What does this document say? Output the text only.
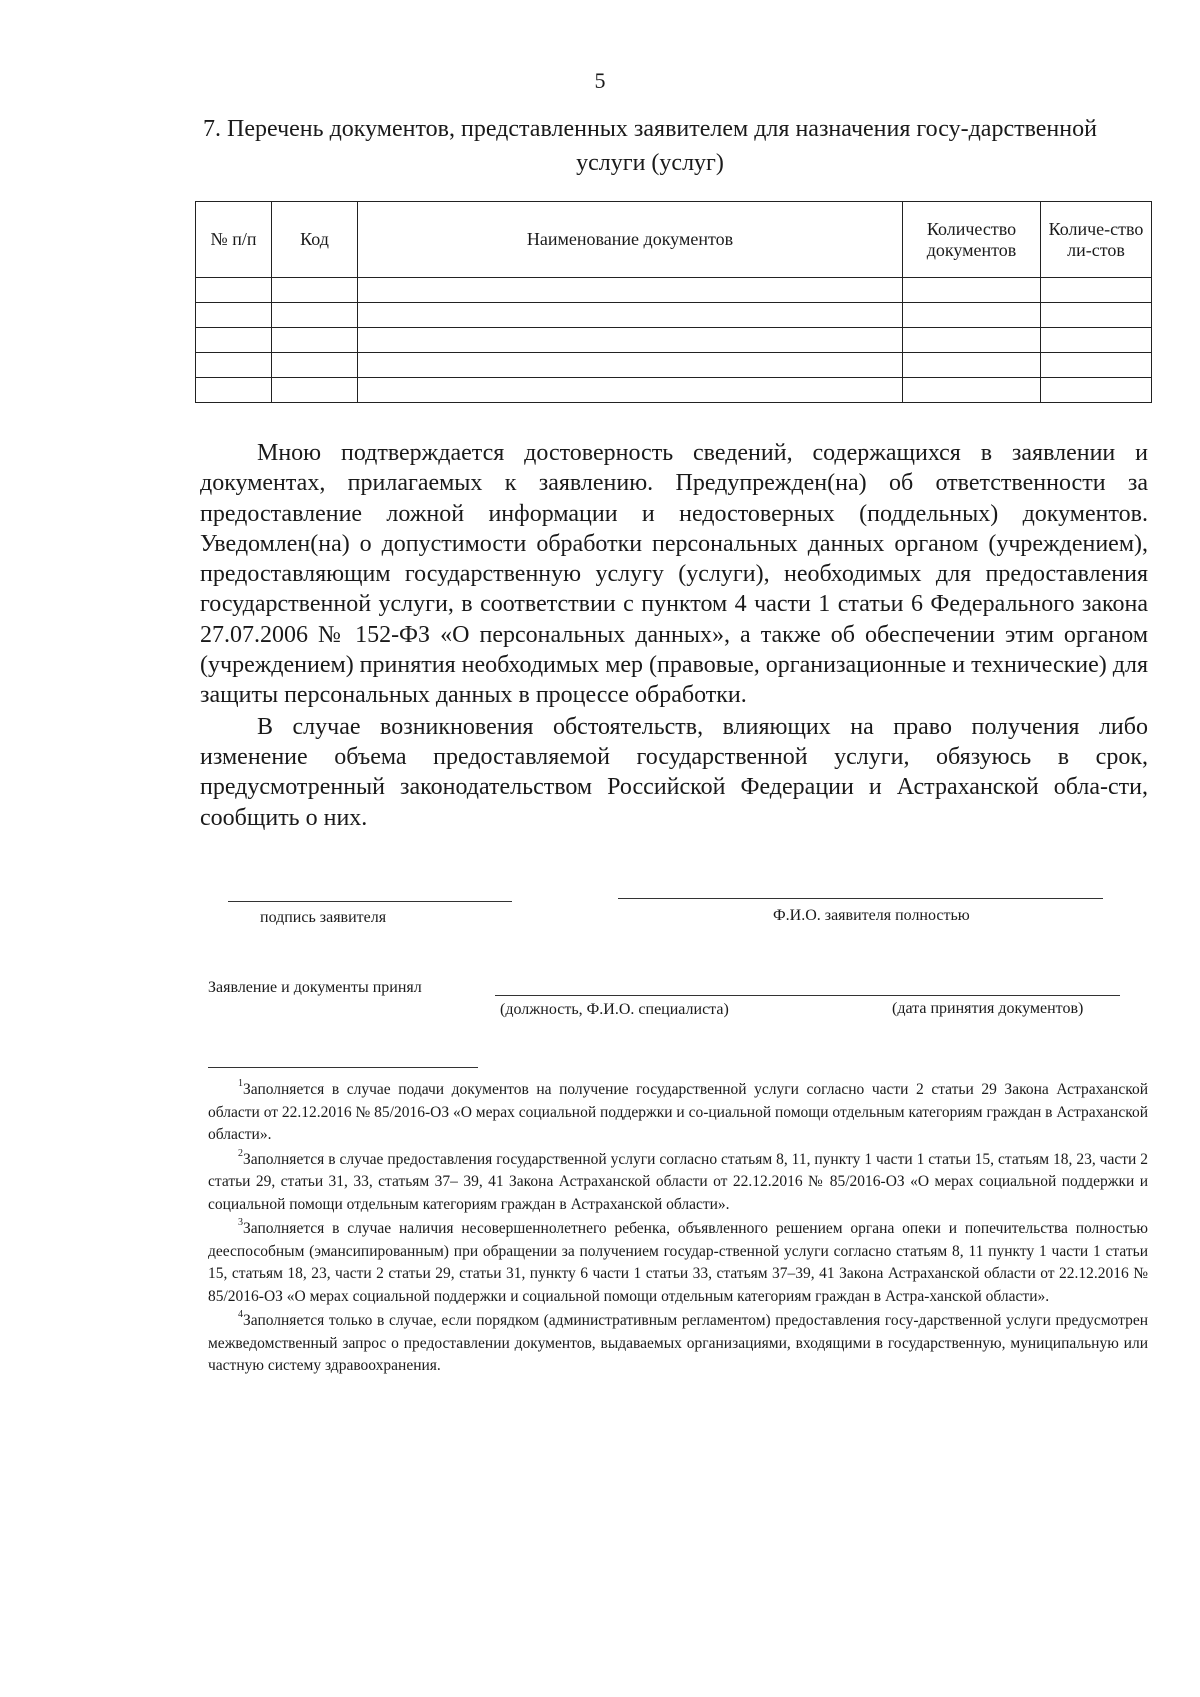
5
7. Перечень документов, представленных заявителем для назначения госу-дарственной услуги (услуг)
№ п/п	Код	Наименование документов	Количество документов	Количе-ство ли-стов

Мною подтверждается достоверность сведений, содержащихся в заявлении и документах, прилагаемых к заявлению. Предупрежден(на) об ответственности за предоставление ложной информации и недостоверных (поддельных) документов. Уведомлен(на) о допустимости обработки персональных данных органом (учреждением), предоставляющим государственную услугу (услуги), необходимых для предоставления государственной услуги, в соответствии с пунктом 4 части 1 статьи 6 Федерального закона 27.07.2006 № 152-ФЗ «О персональных данных», а также об обеспечении этим органом (учреждением) принятия необходимых мер (правовые, организационные и технические) для защиты персональных данных в процессе обработки.

В случае возникновения обстоятельств, влияющих на право получения либо изменение объема предоставляемой государственной услуги, обязуюсь в срок, предусмотренный законодательством Российской Федерации и Астраханской обла-сти, сообщить о них.

подпись заявителя	Ф.И.О. заявителя полностью
Заявление и документы принял
(должность, Ф.И.О. специалиста)	(дата принятия документов)

$^1$Заполняется в случае подачи документов на получение государственной услуги согласно части 2 статьи 29 Закона Астраханской области от 22.12.2016 № 85/2016-ОЗ «О мерах социальной поддержки и со-циальной помощи отдельным категориям граждан в Астраханской области».

$^2$Заполняется в случае предоставления государственной услуги согласно статьям 8, 11, пункту 1 части 1 статьи 15, статьям 18, 23, части 2 статьи 29, статьи 31, 33, статьям 37– 39, 41 Закона Астраханской области от 22.12.2016 № 85/2016-ОЗ «О мерах социальной поддержки и социальной помощи отдельным категориям граждан в Астраханской области».

$^3$Заполняется в случае наличия несовершеннолетнего ребенка, объявленного решением органа опеки и попечительства полностью дееспособным (эмансипированным) при обращении за получением государ-ственной услуги согласно статьям 8, 11 пункту 1 части 1 статьи 15, статьям 18, 23, части 2 статьи 29, статьи 31, пункту 6 части 1 статьи 33, статьям 37–39, 41 Закона Астраханской области от 22.12.2016 № 85/2016-ОЗ «О мерах социальной поддержки и социальной помощи отдельным категориям граждан в Астра-ханской области».

$^4$Заполняется только в случае, если порядком (административным регламентом) предоставления госу-дарственной услуги предусмотрен межведомственный запрос о предоставлении документов, выдаваемых организациями, входящими в государственную, муниципальную или частную систему здравоохранения.
